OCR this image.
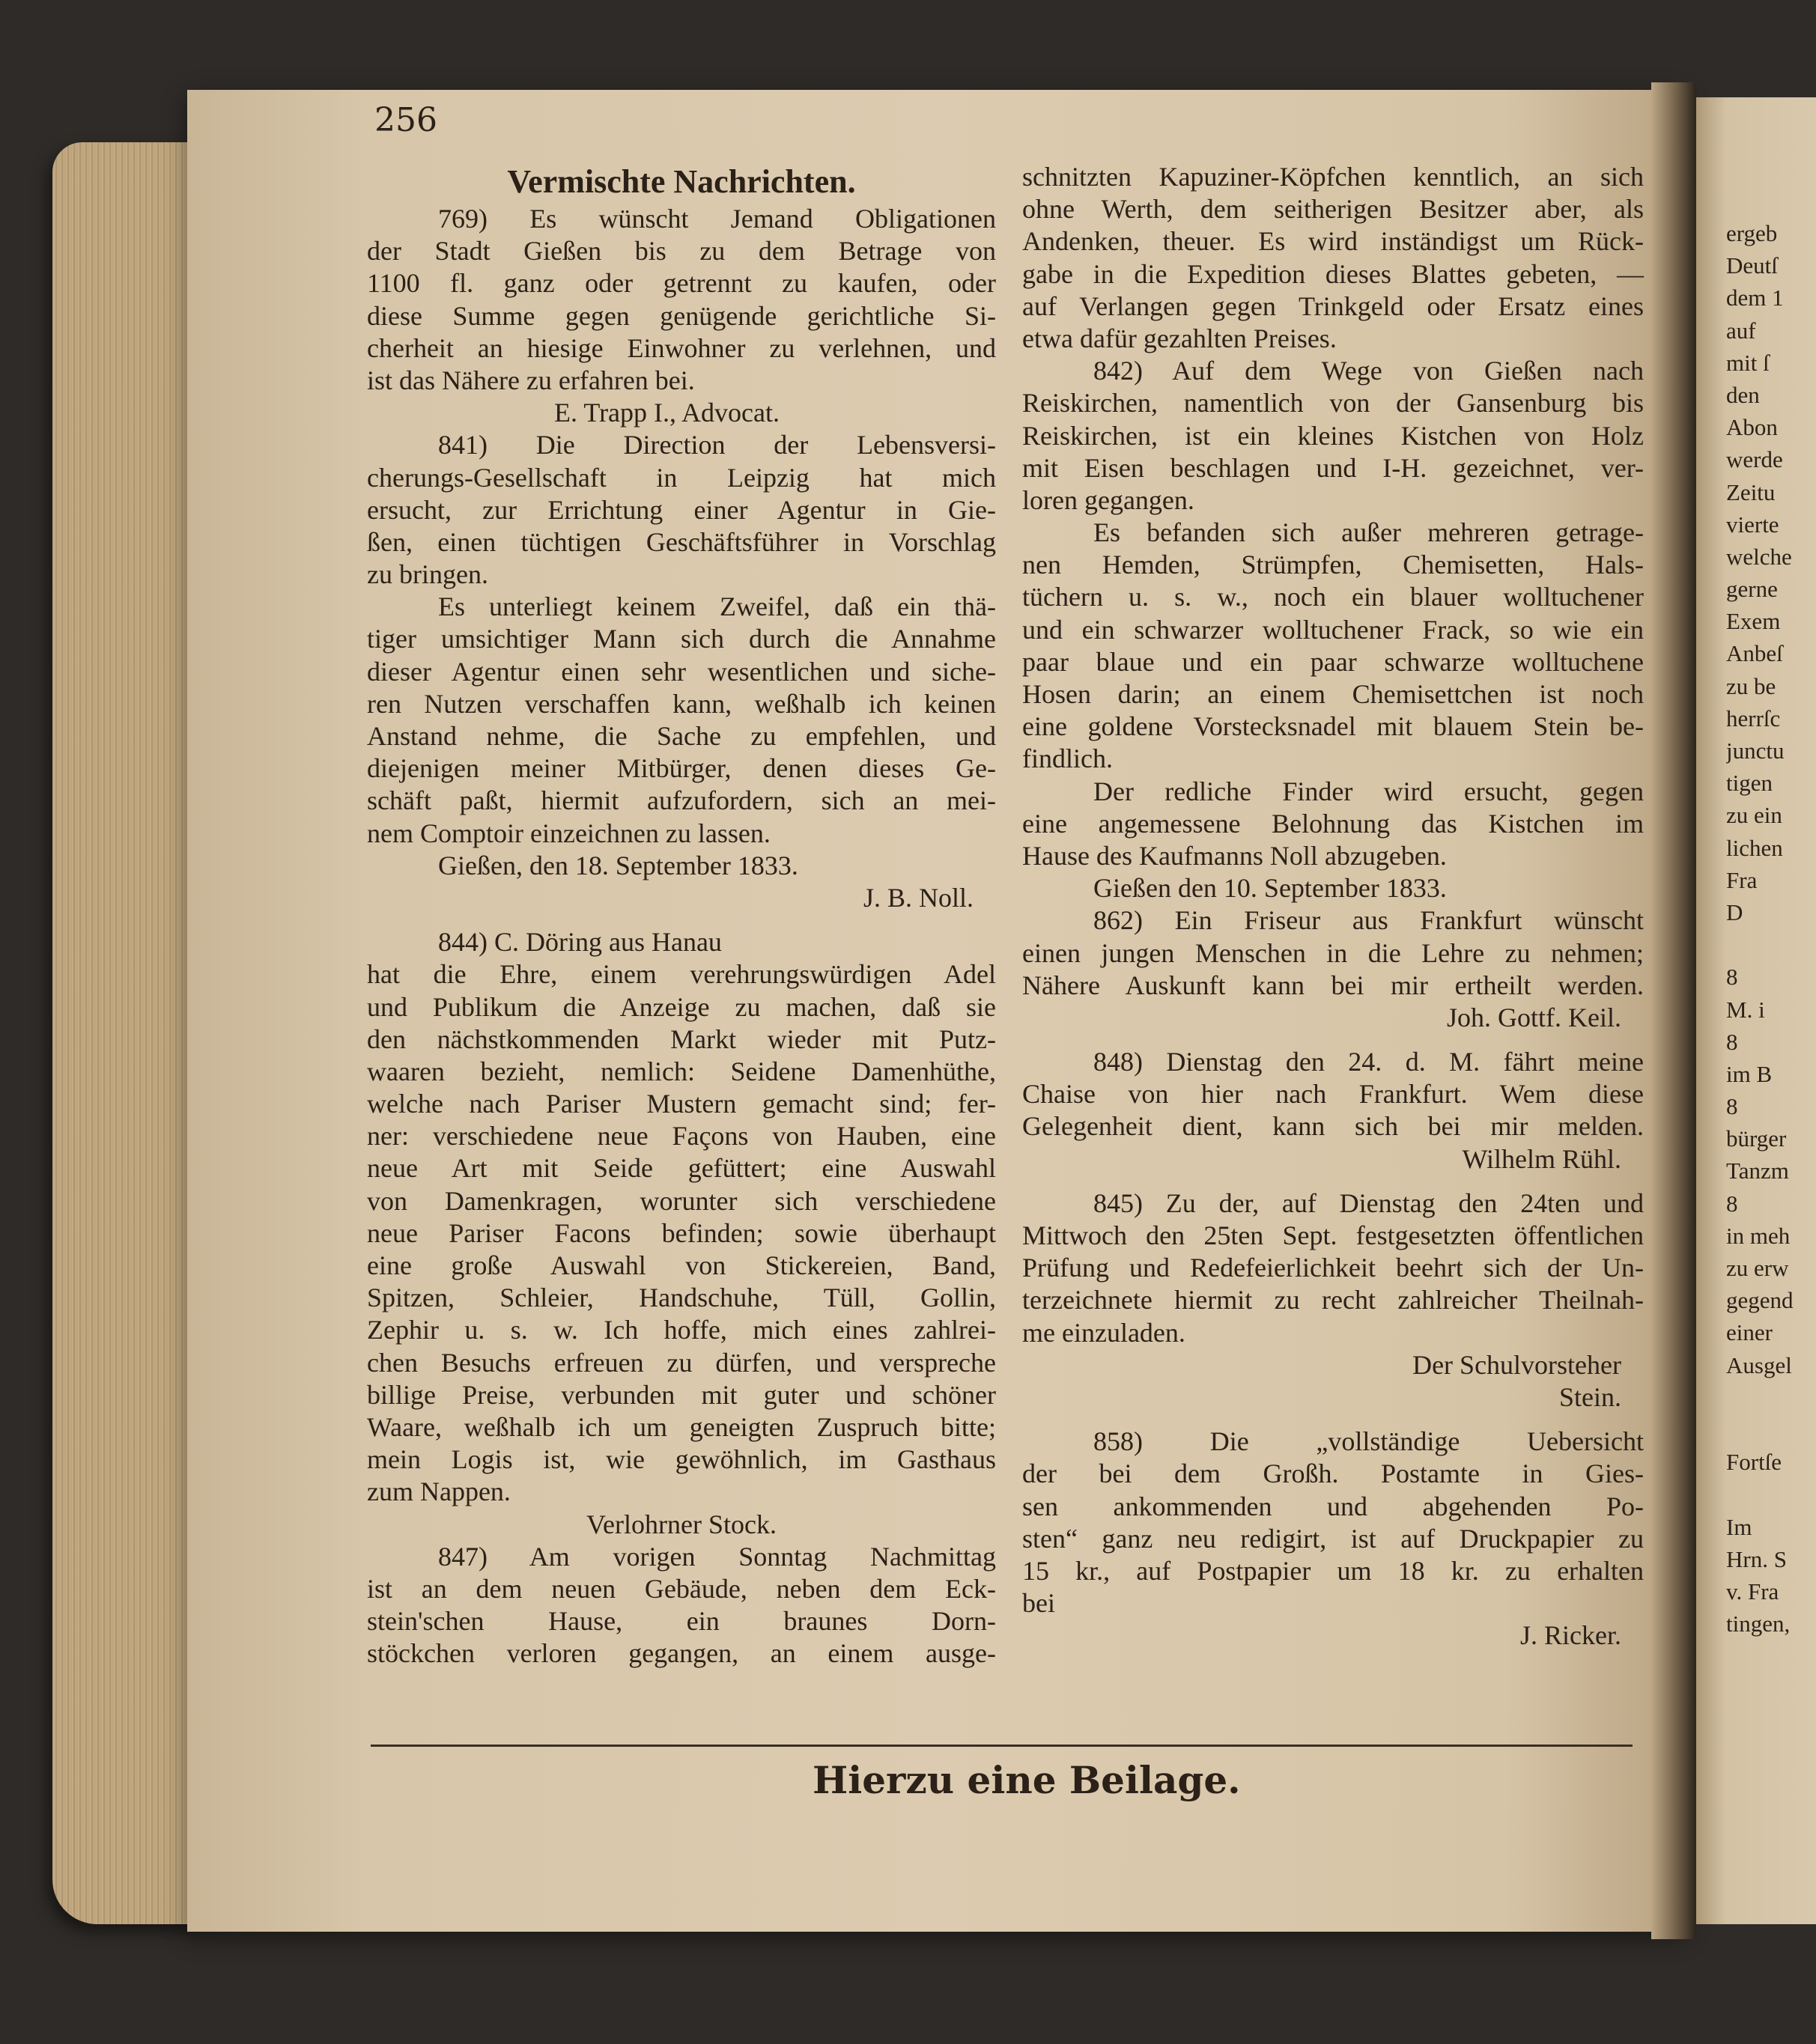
256
Vermischte Nachrichten.
769) Es wünscht Jemand Obligationen
der Stadt Gießen bis zu dem Betrage von
1100 fl. ganz oder getrennt zu kaufen, oder
diese Summe gegen genügende gerichtliche Si-
cherheit an hiesige Einwohner zu verlehnen, und
ist das Nähere zu erfahren bei.
E. Trapp I., Advocat.
841) Die Direction der Lebensversi-
cherungs-Gesellschaft in Leipzig hat mich
ersucht, zur Errichtung einer Agentur in Gie-
ßen, einen tüchtigen Geschäftsführer in Vorschlag
zu bringen.
Es unterliegt keinem Zweifel, daß ein thä-
tiger umsichtiger Mann sich durch die Annahme
dieser Agentur einen sehr wesentlichen und siche-
ren Nutzen verschaffen kann, weßhalb ich keinen
Anstand nehme, die Sache zu empfehlen, und
diejenigen meiner Mitbürger, denen dieses Ge-
schäft paßt, hiermit aufzufordern, sich an mei-
nem Comptoir einzeichnen zu lassen.
Gießen, den 18. September 1833.
J. B. Noll.
844) C. Döring aus Hanau
hat die Ehre, einem verehrungswürdigen Adel
und Publikum die Anzeige zu machen, daß sie
den nächstkommenden Markt wieder mit Putz-
waaren bezieht, nemlich: Seidene Damenhüthe,
welche nach Pariser Mustern gemacht sind; fer-
ner: verschiedene neue Façons von Hauben, eine
neue Art mit Seide gefüttert; eine Auswahl
von Damenkragen, worunter sich verschiedene
neue Pariser Facons befinden; sowie überhaupt
eine große Auswahl von Stickereien, Band,
Spitzen, Schleier, Handschuhe, Tüll, Gollin,
Zephir u. s. w. Ich hoffe, mich eines zahlrei-
chen Besuchs erfreuen zu dürfen, und verspreche
billige Preise, verbunden mit guter und schöner
Waare, weßhalb ich um geneigten Zuspruch bitte;
mein Logis ist, wie gewöhnlich, im Gasthaus
zum Nappen.
Verlohrner Stock.
847) Am vorigen Sonntag Nachmittag
ist an dem neuen Gebäude, neben dem Eck-
stein'schen Hause, ein braunes Dorn-
stöckchen verloren gegangen, an einem ausge-
schnitzten Kapuziner-Köpfchen kenntlich, an sich
ohne Werth, dem seitherigen Besitzer aber, als
Andenken, theuer. Es wird inständigst um Rück-
gabe in die Expedition dieses Blattes gebeten, —
auf Verlangen gegen Trinkgeld oder Ersatz eines
etwa dafür gezahlten Preises.
842) Auf dem Wege von Gießen nach
Reiskirchen, namentlich von der Gansenburg bis
Reiskirchen, ist ein kleines Kistchen von Holz
mit Eisen beschlagen und I-H. gezeichnet, ver-
loren gegangen.
Es befanden sich außer mehreren getrage-
nen Hemden, Strümpfen, Chemisetten, Hals-
tüchern u. s. w., noch ein blauer wolltuchener
und ein schwarzer wolltuchener Frack, so wie ein
paar blaue und ein paar schwarze wolltuchene
Hosen darin; an einem Chemisettchen ist noch
eine goldene Vorstecksnadel mit blauem Stein be-
findlich.
Der redliche Finder wird ersucht, gegen
eine angemessene Belohnung das Kistchen im
Hause des Kaufmanns Noll abzugeben.
Gießen den 10. September 1833.
862) Ein Friseur aus Frankfurt wünscht
einen jungen Menschen in die Lehre zu nehmen;
Nähere Auskunft kann bei mir ertheilt werden.
Joh. Gottf. Keil.
848) Dienstag den 24. d. M. fährt meine
Chaise von hier nach Frankfurt. Wem diese
Gelegenheit dient, kann sich bei mir melden.
Wilhelm Rühl.
845) Zu der, auf Dienstag den 24ten und
Mittwoch den 25ten Sept. festgesetzten öffentlichen
Prüfung und Redefeierlichkeit beehrt sich der Un-
terzeichnete hiermit zu recht zahlreicher Theilnah-
me einzuladen.
Der Schulvorsteher
Stein.
858) Die „vollständige Uebersicht
der bei dem Großh. Postamte in Gies-
sen ankommenden und abgehenden Po-
sten“ ganz neu redigirt, ist auf Druckpapier zu
15 kr., auf Postpapier um 18 kr. zu erhalten
bei
J. Ricker.
Hierzu eine Beilage.
ergeb
Deutſ
dem 1
auf
mit ſ
den
Abon
werde
Zeitu
vierte
welche
gerne
Exem
Anbeſ
zu be
herrſc
junctu
tigen
zu ein
lichen
Fra
D
8
M. i
8
im B
8
bürger
Tanzm
8
in meh
zu erw
gegend
einer
Ausgel
Fortſe
Im
Hrn. S
v. Fra
tingen,
